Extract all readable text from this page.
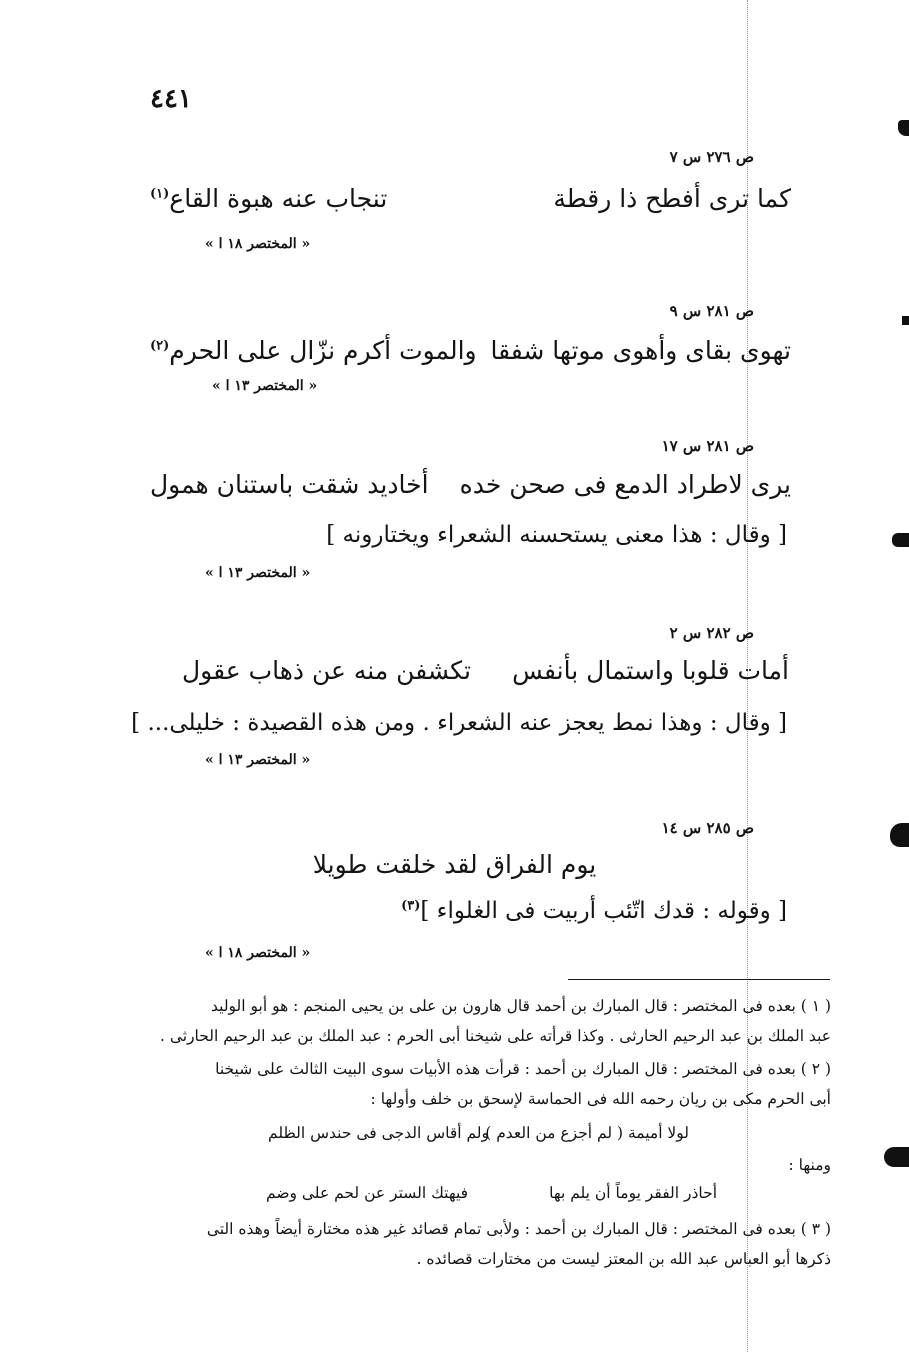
٤٤١
ص ٢٧٦ س ٧
كما ترى أفطح ذا رقطة
تنجاب عنه هبوة القاع$^{(١)}$
« المختصر ١٨ ا »
ص ٢٨١ س ٩
تهوى بقاى وأهوى موتها شفقا
والموت أكرم نزّال على الحرم$^{(٢)}$
« المختصر ١٣ ا »
ص ٢٨١ س ١٧
يرى لاطراد الدمع فى صحن خده
أخاديد شقت باستنان همول
[ وقال : هذا معنى يستحسنه الشعراء ويختارونه ]
« المختصر ١٣ ا »
ص ٢٨٢ س ٢
أمات قلوبا واستمال بأنفس
تكشفن منه عن ذهاب عقول
[ وقال : وهذا نمط يعجز عنه الشعراء . ومن هذه القصيدة : خليلى... ]
« المختصر ١٣ ا »
ص ٢٨٥ س ١٤
يوم الفراق لقد خلقت طويلا
[ وقوله : قدك اتّئب أربيت فى الغلواء ]$^{(٣)}$
« المختصر ١٨ ا »
( ١ ) بعده فى المختصر : قال المبارك بن أحمد قال هارون بن على بن يحيى المنجم : هو أبو الوليد
عبد الملك بن عبد الرحيم الحارثى . وكذا قرأته على شيخنا أبى الحرم : عبد الملك بن عبد الرحيم الحارثى .
( ٢ ) بعده فى المختصر : قال المبارك بن أحمد : قرأت هذه الأبيات سوى البيت الثالث على شيخنا
أبى الحرم مكى بن ريان رحمه الله فى الحماسة لإسحق بن خلف وأولها :
لولا أميمة ( لم أجزع من العدم )
ولم أقاس الدجى فى حندس الظلم
ومنها :
أحاذر الفقر يوماً أن يلم بها
فيهتك الستر عن لحم على وضم
( ٣ ) بعده فى المختصر : قال المبارك بن أحمد : ولأبى تمام قصائد غير هذه مختارة أيضاً وهذه التى
ذكرها أبو العباس عبد الله بن المعتز ليست من مختارات قصائده .
